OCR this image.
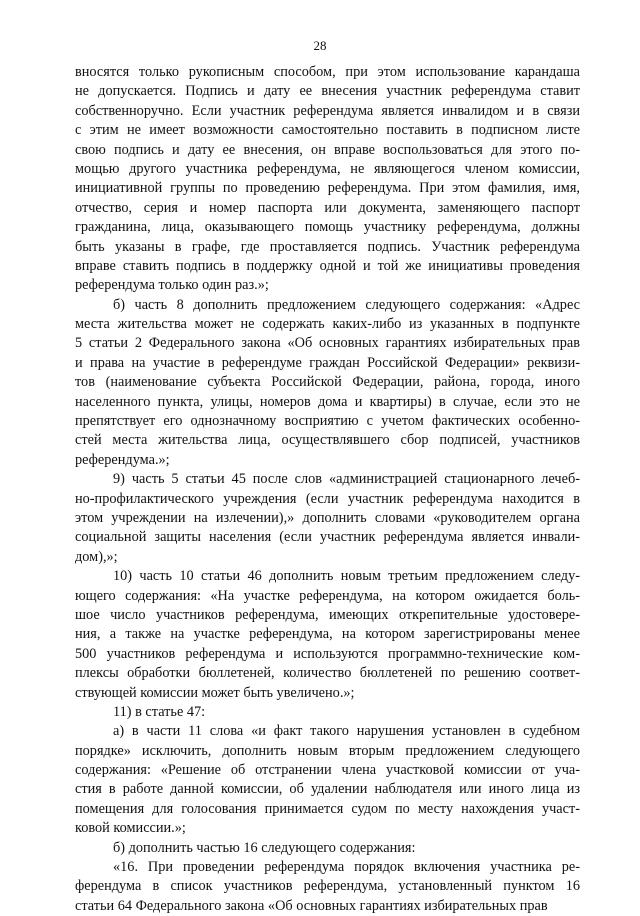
28
вносятся только рукописным способом, при этом использование карандаша
не допускается. Подпись и дату ее внесения участник референдума ставит
собственноручно. Если участник референдума является инвалидом и в связи
с этим не имеет возможности самостоятельно поставить в подписном листе
свою подпись и дату ее внесения, он вправе воспользоваться для этого по-
мощью другого участника референдума, не являющегося членом комиссии,
инициативной группы по проведению референдума. При этом фамилия, имя,
отчество, серия и номер паспорта или документа, заменяющего паспорт
гражданина, лица, оказывающего помощь участнику референдума, должны
быть указаны в графе, где проставляется подпись. Участник референдума
вправе ставить подпись в поддержку одной и той же инициативы проведения
референдума только один раз.»;
б) часть 8 дополнить предложением следующего содержания: «Адрес
места жительства может не содержать каких-либо из указанных в подпункте
5 статьи 2 Федерального закона «Об основных гарантиях избирательных прав
и права на участие в референдуме граждан Российской Федерации» реквизи-
тов (наименование субъекта Российской Федерации, района, города, иного
населенного пункта, улицы, номеров дома и квартиры) в случае, если это не
препятствует его однозначному восприятию с учетом фактических особенно-
стей места жительства лица, осуществлявшего сбор подписей, участников
референдума.»;
9) часть 5 статьи 45 после слов «администрацией стационарного лечеб-
но-профилактического учреждения (если участник референдума находится в
этом учреждении на излечении),» дополнить словами «руководителем органа
социальной защиты населения (если участник референдума является инвали-
дом),»;
10) часть 10 статьи 46 дополнить новым третьим предложением следу-
ющего содержания: «На участке референдума, на котором ожидается боль-
шое число участников референдума, имеющих открепительные удостовере-
ния, а также на участке референдума, на котором зарегистрированы менее
500 участников референдума и используются программно-технические ком-
плексы обработки бюллетеней, количество бюллетеней по решению соответ-
ствующей комиссии может быть увеличено.»;
11) в статье 47:
а) в части 11 слова «и факт такого нарушения установлен в судебном
порядке» исключить, дополнить новым вторым предложением следующего
содержания: «Решение об отстранении члена участковой комиссии от уча-
стия в работе данной комиссии, об удалении наблюдателя или иного лица из
помещения для голосования принимается судом по месту нахождения участ-
ковой комиссии.»;
б) дополнить частью 16 следующего содержания:
«16. При проведении референдума порядок включения участника ре-
ферендума в список участников референдума, установленный пунктом 16
статьи 64 Федерального закона «Об основных гарантиях избирательных прав
